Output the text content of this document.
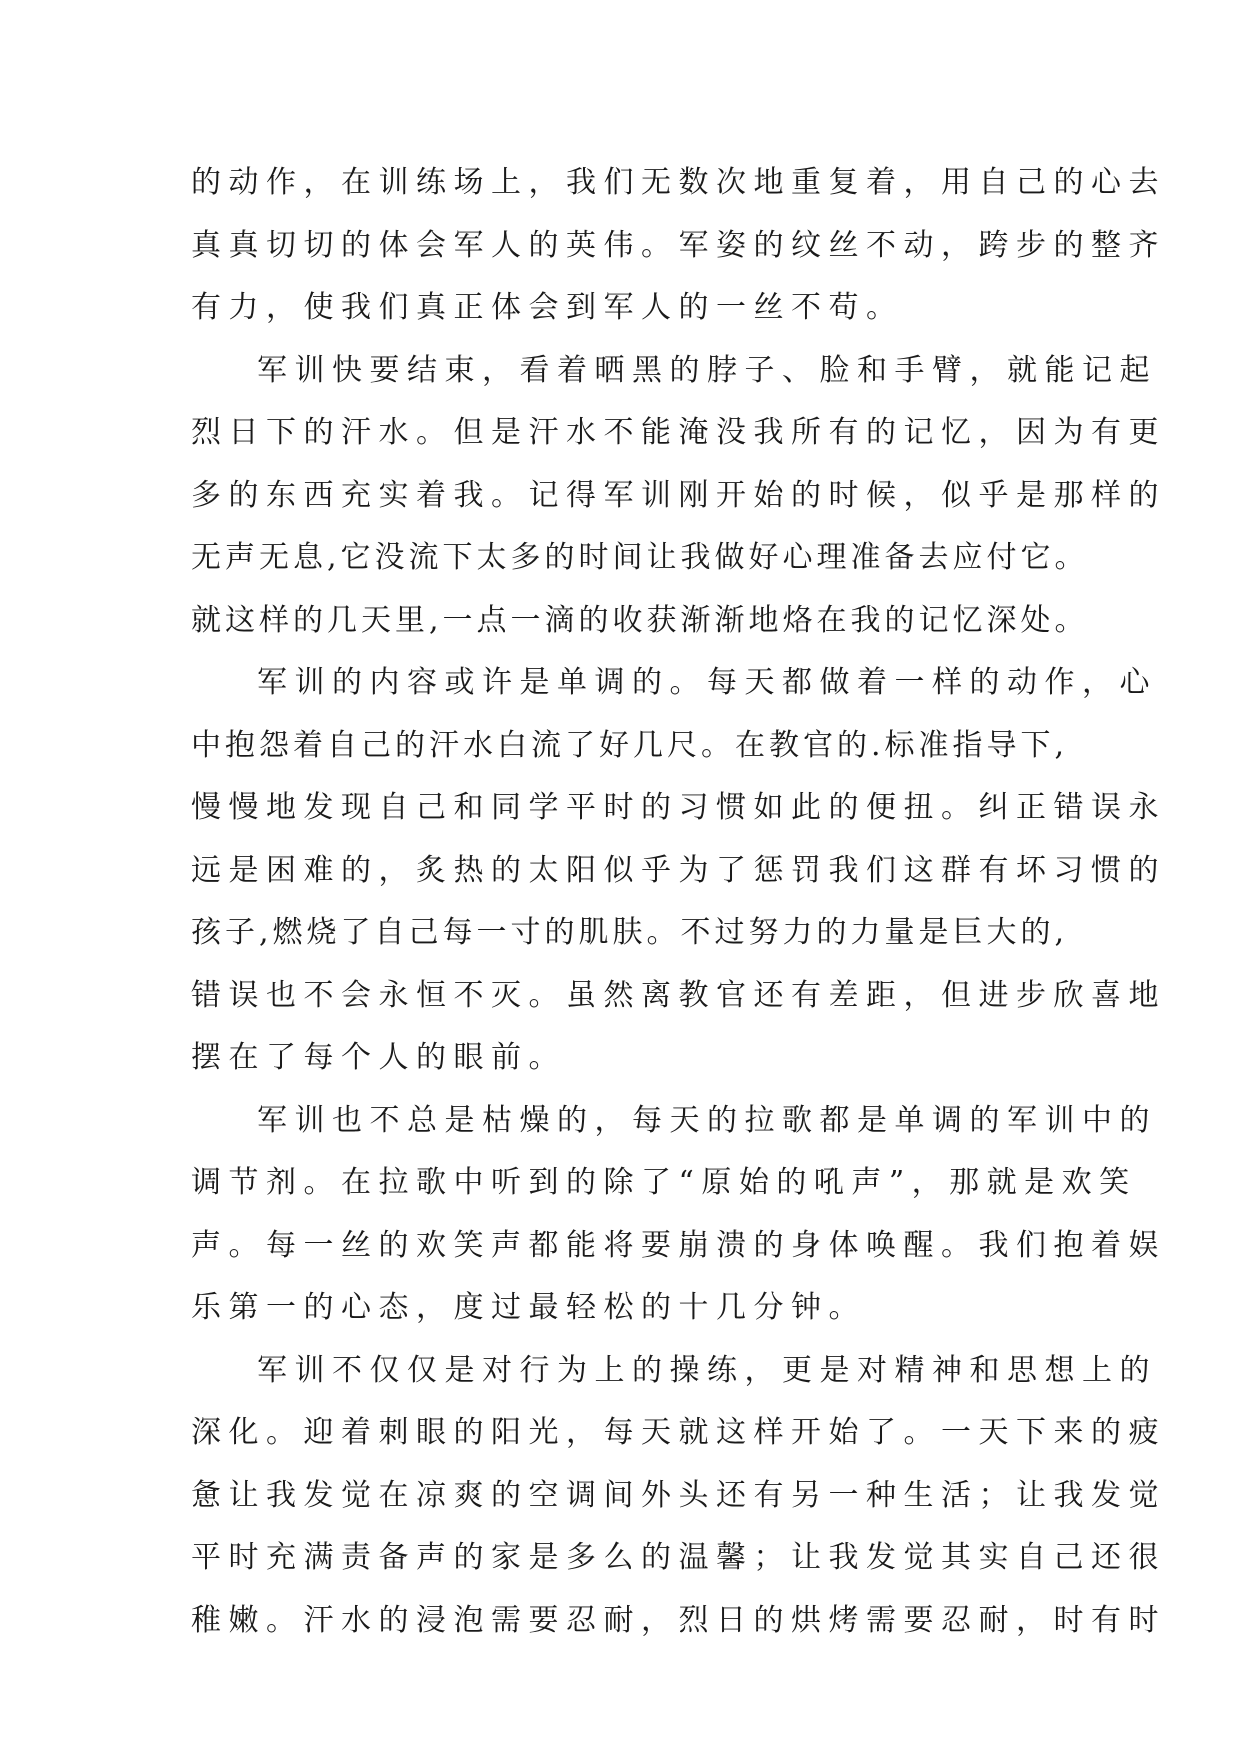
的动作，在训练场上，我们无数次地重复着，用自己的心去
真真切切的体会军人的英伟。军姿的纹丝不动，跨步的整齐
有力，使我们真正体会到军人的一丝不苟。
军训快要结束，看着晒黑的脖子、脸和手臂，就能记起
烈日下的汗水。但是汗水不能淹没我所有的记忆，因为有更
多的东西充实着我。记得军训刚开始的时候，似乎是那样的
无声无息,它没流下太多的时间让我做好心理准备去应付它。
就这样的几天里,一点一滴的收获渐渐地烙在我的记忆深处。
军训的内容或许是单调的。每天都做着一样的动作，心
中抱怨着自己的汗水白流了好几尺。在教官的.标准指导下,
慢慢地发现自己和同学平时的习惯如此的便扭。纠正错误永
远是困难的，炙热的太阳似乎为了惩罚我们这群有坏习惯的
孩子,燃烧了自己每一寸的肌肤。不过努力的力量是巨大的,
错误也不会永恒不灭。虽然离教官还有差距，但进步欣喜地
摆在了每个人的眼前。
军训也不总是枯燥的，每天的拉歌都是单调的军训中的
调节剂。在拉歌中听到的除了“原始的吼声”，那就是欢笑
声。每一丝的欢笑声都能将要崩溃的身体唤醒。我们抱着娱
乐第一的心态，度过最轻松的十几分钟。
军训不仅仅是对行为上的操练，更是对精神和思想上的
深化。迎着刺眼的阳光，每天就这样开始了。一天下来的疲
惫让我发觉在凉爽的空调间外头还有另一种生活；让我发觉
平时充满责备声的家是多么的温馨；让我发觉其实自己还很
稚嫩。汗水的浸泡需要忍耐，烈日的烘烤需要忍耐，时有时
